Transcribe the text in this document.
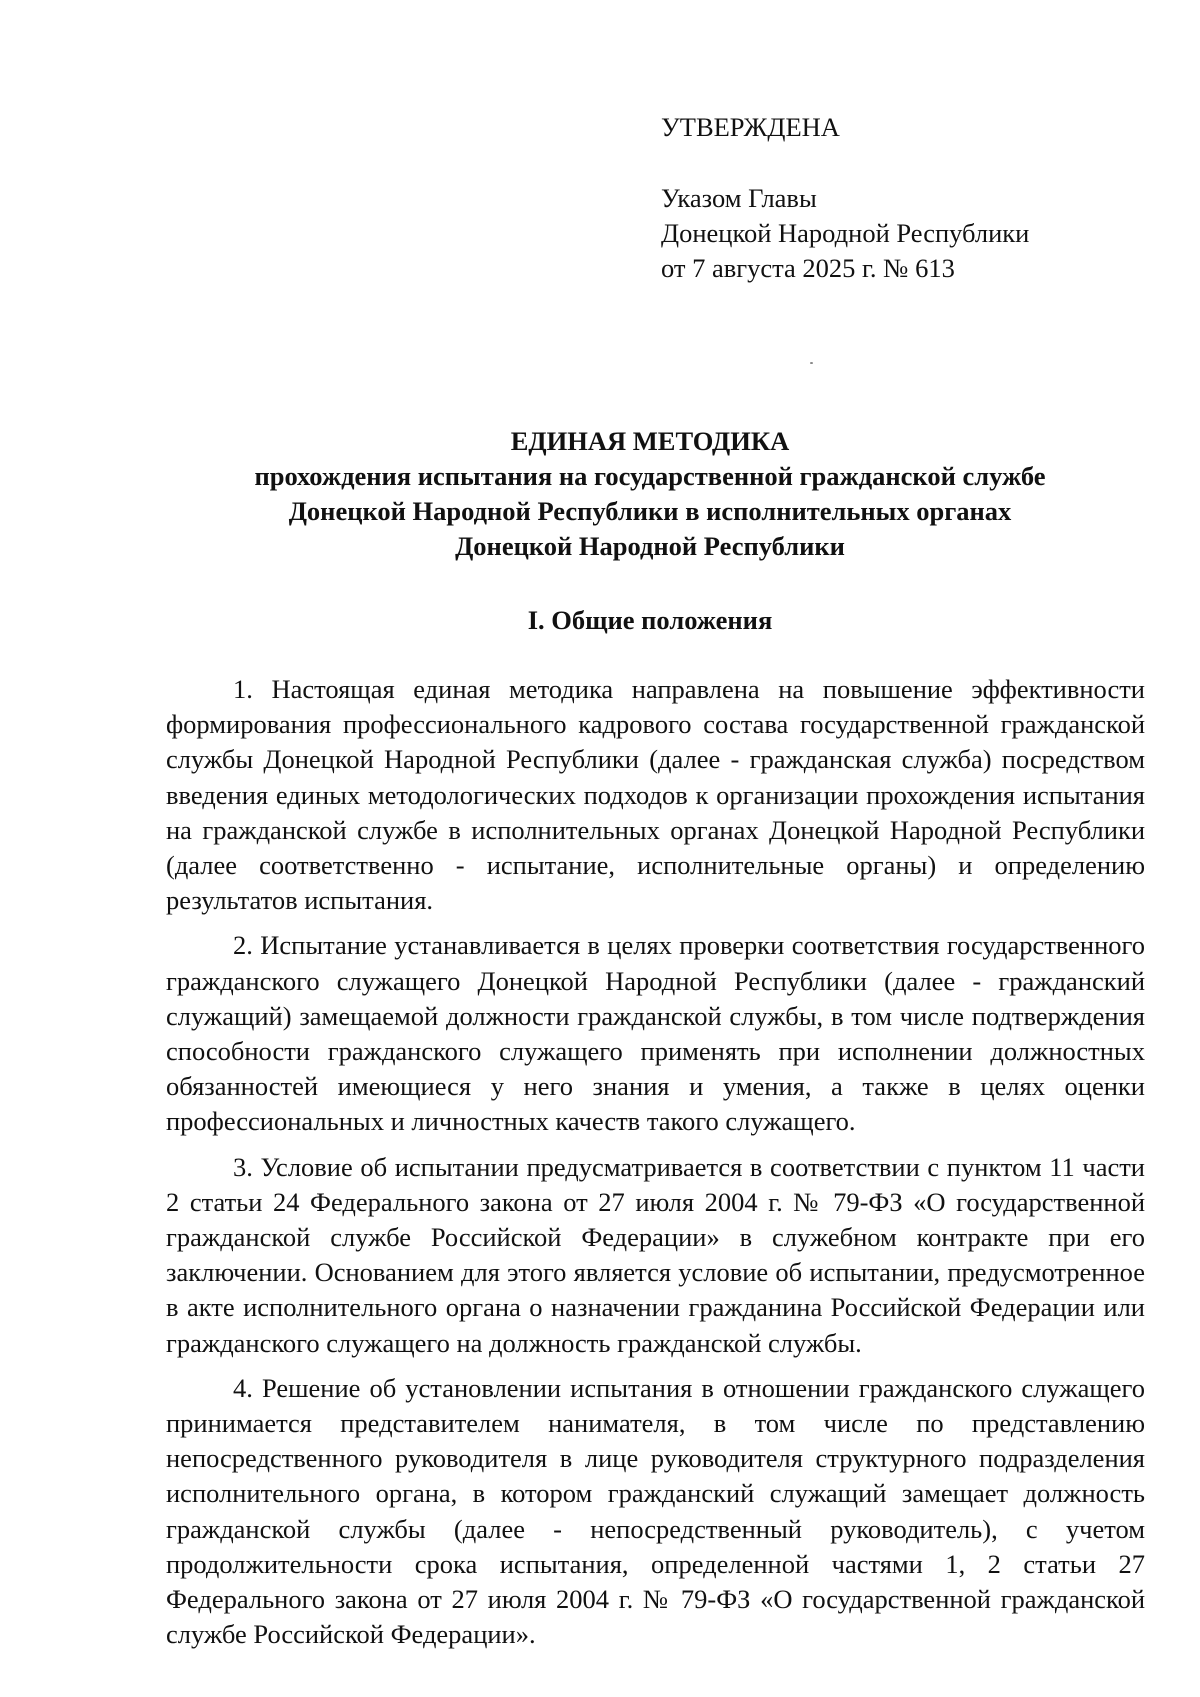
УТВЕРЖДЕНА
Указом Главы
Донецкой Народной Республики
от 7 августа 2025 г. № 613
ЕДИНАЯ МЕТОДИКА
прохождения испытания на государственной гражданской службе
Донецкой Народной Республики в исполнительных органах
Донецкой Народной Республики
I. Общие положения

1. Настоящая единая методика направлена на повышение эффективности формирования профессионального кадрового состава государственной гражданской службы Донецкой Народной Республики (далее - гражданская служба) посредством введения единых методологических подходов к организации прохождения испытания на гражданской службе в исполнительных органах Донецкой Народной Республики (далее соответственно - испытание, исполнительные органы) и определению результатов испытания.

2. Испытание устанавливается в целях проверки соответствия государственного гражданского служащего Донецкой Народной Республики (далее - гражданский служащий) замещаемой должности гражданской службы, в том числе подтверждения способности гражданского служащего применять при исполнении должностных обязанностей имеющиеся у него знания и умения, а также в целях оценки профессиональных и личностных качеств такого служащего.

3. Условие об испытании предусматривается в соответствии с пунктом 11 части 2 статьи 24 Федерального закона от 27 июля 2004 г. № 79-ФЗ «О государственной гражданской службе Российской Федерации» в служебном контракте при его заключении. Основанием для этого является условие об испытании, предусмотренное в акте исполнительного органа о назначении гражданина Российской Федерации или гражданского служащего на должность гражданской службы.

4. Решение об установлении испытания в отношении гражданского служащего принимается представителем нанимателя, в том числе по представлению непосредственного руководителя в лице руководителя структурного подразделения исполнительного органа, в котором гражданский служащий замещает должность гражданской службы (далее - непосредственный руководитель), с учетом продолжительности срока испытания, определенной частями 1, 2 статьи 27 Федерального закона от 27 июля 2004 г. № 79-ФЗ «О государственной гражданской службе Российской Федерации».
